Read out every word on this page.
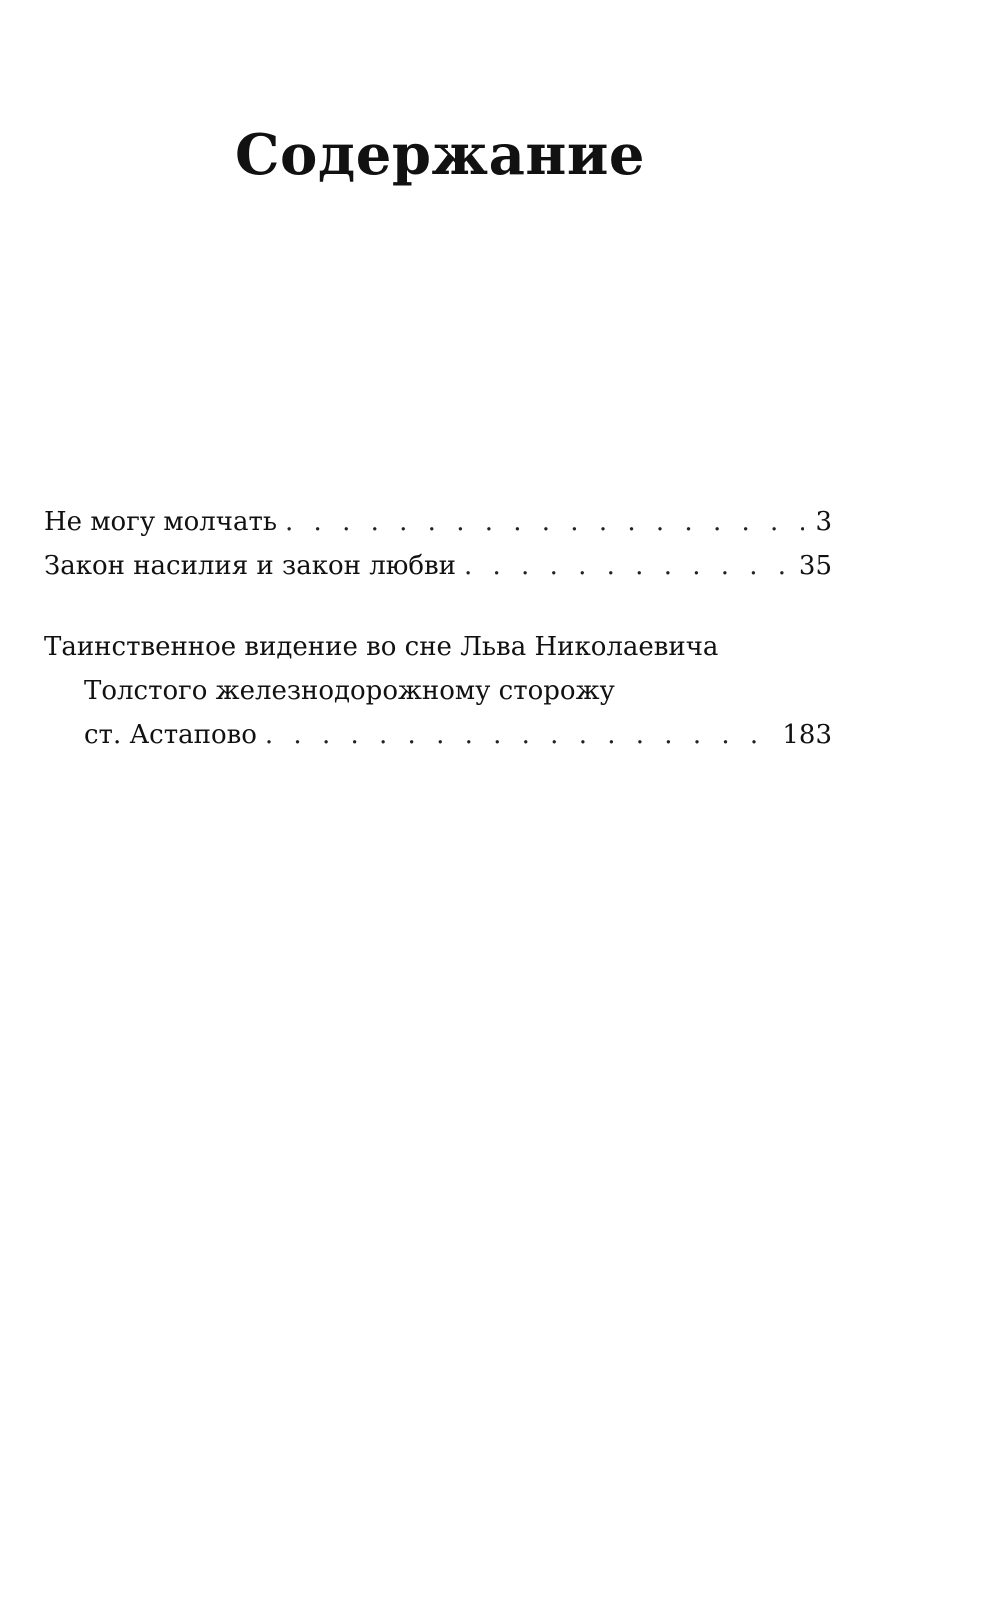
Содержание
Не могу молчать . . .	3
Закон насилия и закон любви . . .	35
Таинственное видение во сне Льва Николаевича
Толстого железнодорожному сторожу
ст. Астапово . . .	183
